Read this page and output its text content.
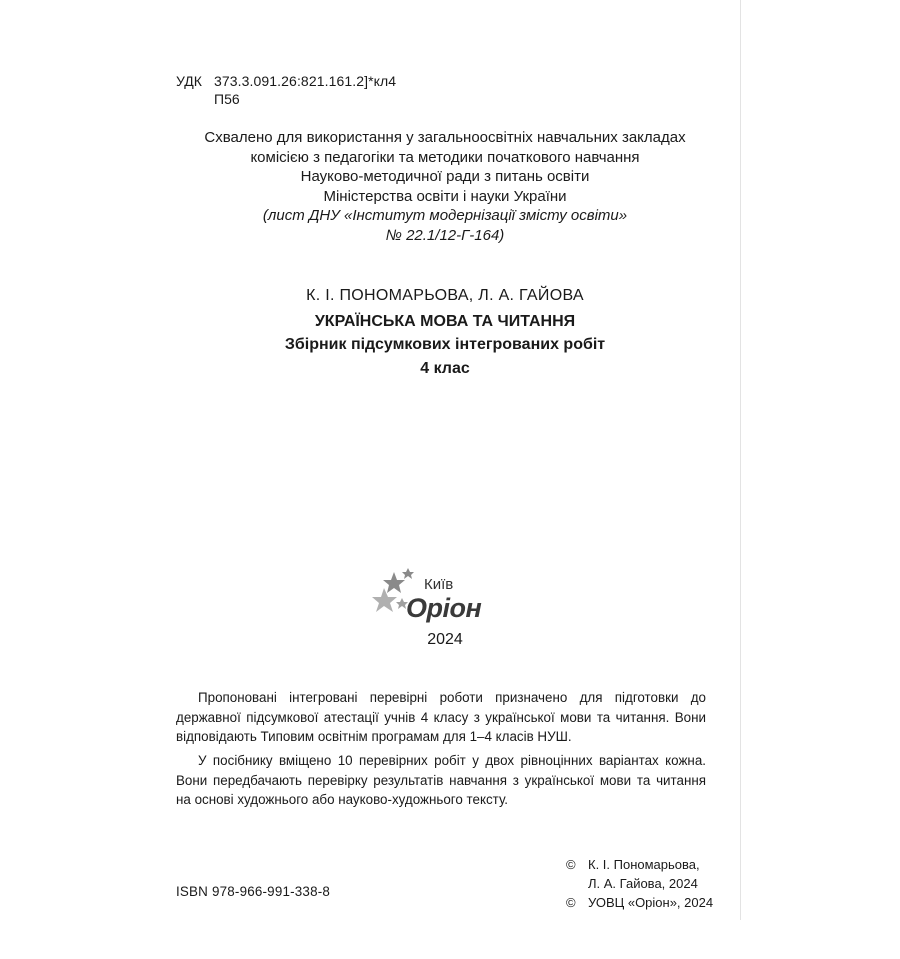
УДК 373.3.091.26:821.161.2]*кл4
П56
Схвалено для використання у загальноосвітніх навчальних закладах
комісією з педагогіки та методики початкового навчання
Науково-методичної ради з питань освіти
Міністерства освіти і науки України
(лист ДНУ «Інститут модернізації змісту освіти»
№ 22.1/12-Г-164)
К. І. ПОНОМАРЬОВА, Л. А. ГАЙОВА
УКРАЇНСЬКА МОВА ТА ЧИТАННЯ
Збірник підсумкових інтегрованих робіт
4 клас
Київ
Оріон
2024

Пропоновані інтегровані перевірні роботи призначено для підготовки до державної підсумкової атестації учнів 4 класу з української мови та читання. Вони відповідають Типовим освітнім програмам для 1–4 класів НУШ.

У посібнику вміщено 10 перевірних робіт у двох рівноцінних варіантах кожна. Вони передбачають перевірку результатів навчання з української мови та читання на основі художнього або науково-художнього тексту.

ISBN 978-966-991-338-8
© К. І. Пономарьова,
Л. А. Гайова, 2024
© УОВЦ «Оріон», 2024
